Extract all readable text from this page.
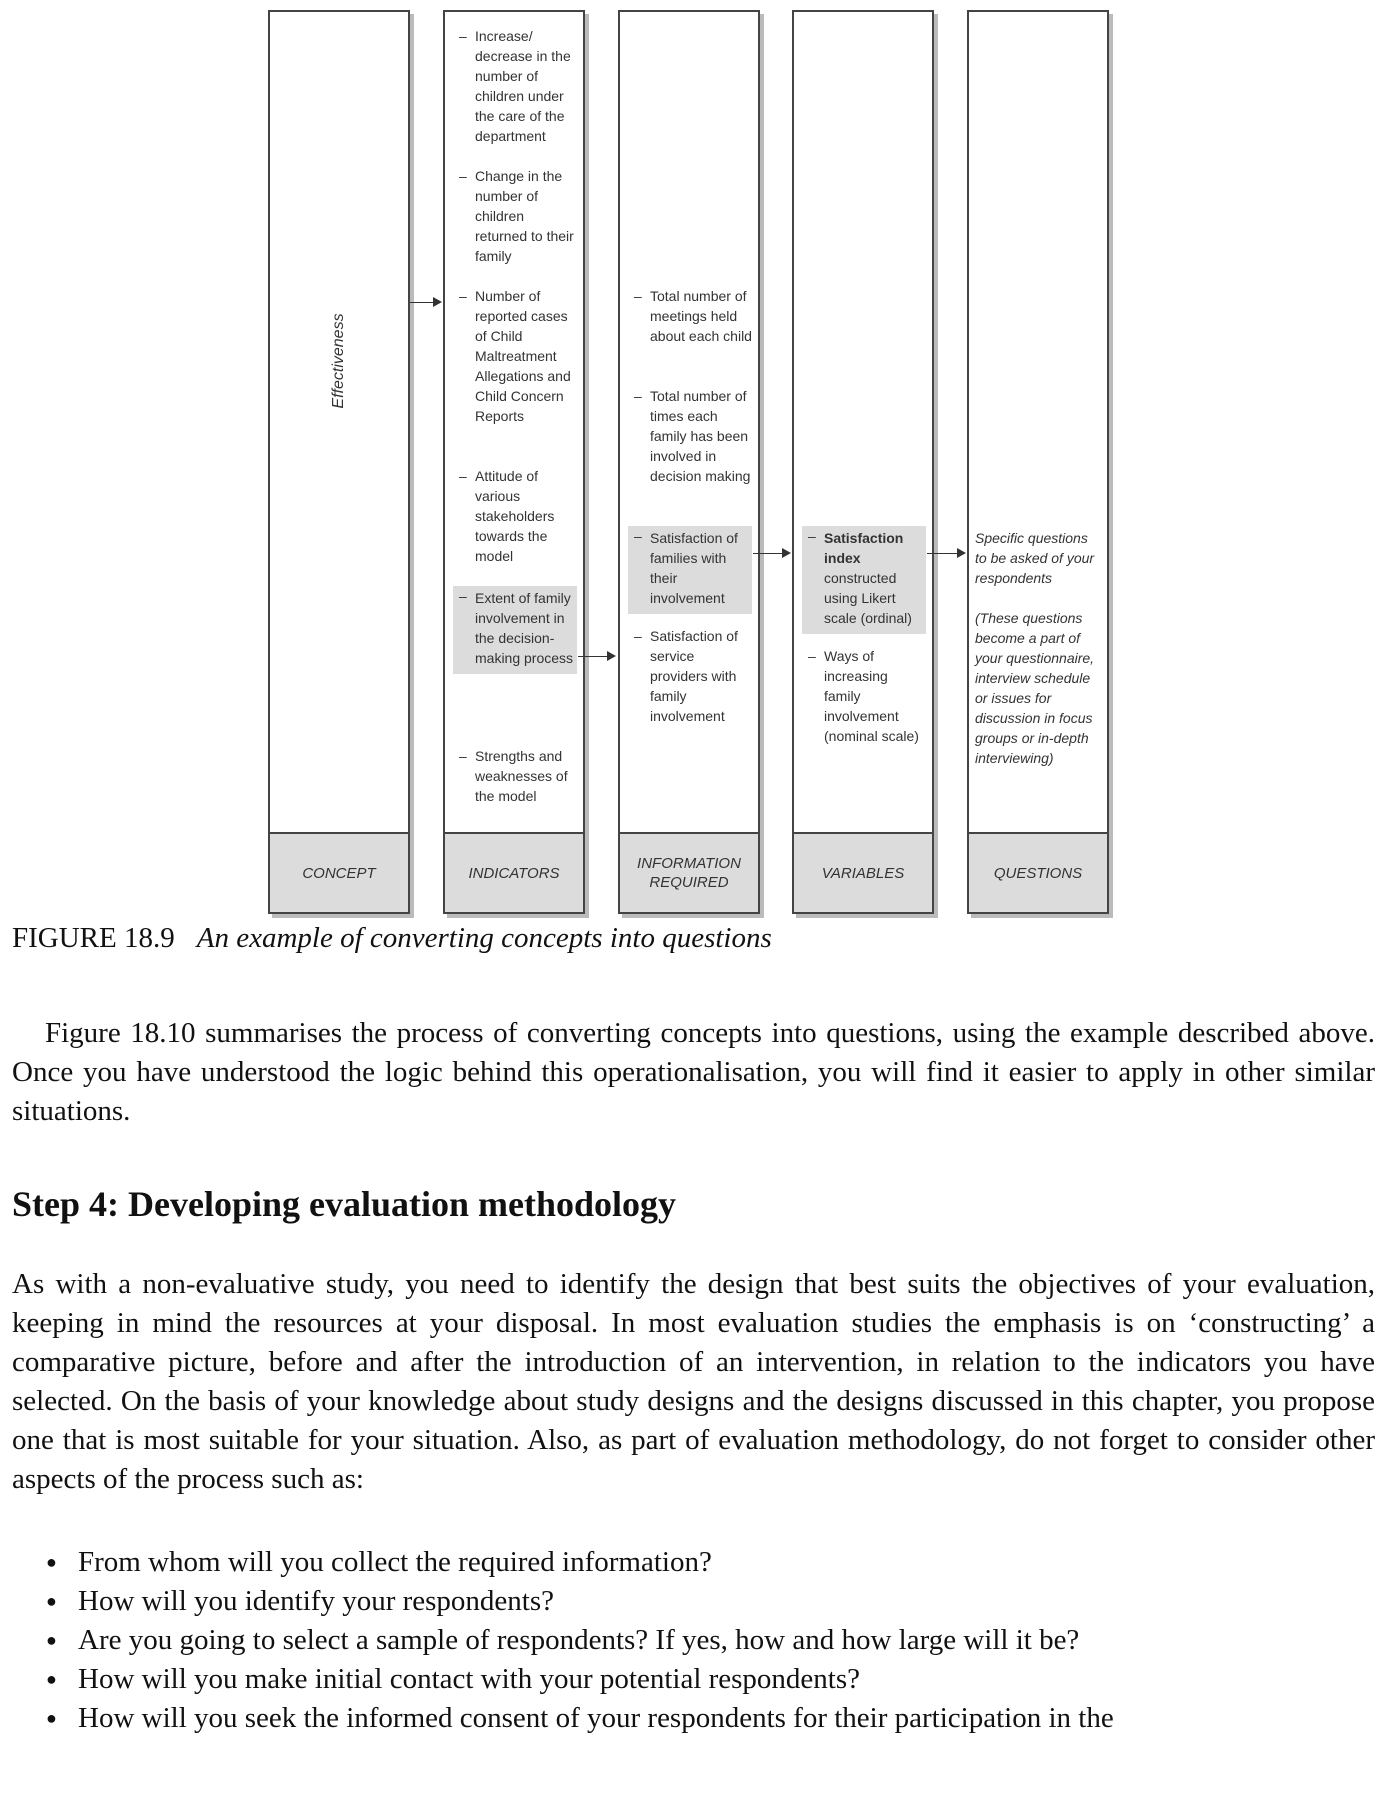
Effectiveness
CONCEPT
– Increase/ decrease in the number of children under the care of the department
– Change in the number of children returned to their family
– Number of reported cases of Child Maltreatment Allegations and Child Concern Reports
– Attitude of various stakeholders towards the model
– Extent of family involvement in the decision-making process
– Strengths and weaknesses of the model
INDICATORS
– Total number of meetings held about each child
– Total number of times each family has been involved in decision making
– Satisfaction of families with their involvement
– Satisfaction of service providers with family involvement
INFORMATION
REQUIRED
– Satisfaction index constructed using Likert scale (ordinal)
– Ways of increasing family involvement (nominal scale)
VARIABLES
Specific questions to be asked of your respondents
(These questions become a part of your questionnaire, interview schedule or issues for discussion in focus groups or in-depth interviewing)
QUESTIONS
FIGURE 18.9 An example of converting concepts into questions
Figure 18.10 summarises the process of converting concepts into questions, using the example described above. Once you have understood the logic behind this operationalisation, you will find it easier to apply in other similar situations.
Step 4: Developing evaluation methodology
As with a non-evaluative study, you need to identify the design that best suits the objectives of your evaluation, keeping in mind the resources at your disposal. In most evaluation studies the emphasis is on ‘constructing’ a comparative picture, before and after the introduction of an intervention, in relation to the indicators you have selected. On the basis of your knowledge about study designs and the designs discussed in this chapter, you propose one that is most suitable for your situation. Also, as part of evaluation methodology, do not forget to consider other aspects of the process such as:
● From whom will you collect the required information?
● How will you identify your respondents?
● Are you going to select a sample of respondents? If yes, how and how large will it be?
● How will you make initial contact with your potential respondents?
● How will you seek the informed consent of your respondents for their participation in the
